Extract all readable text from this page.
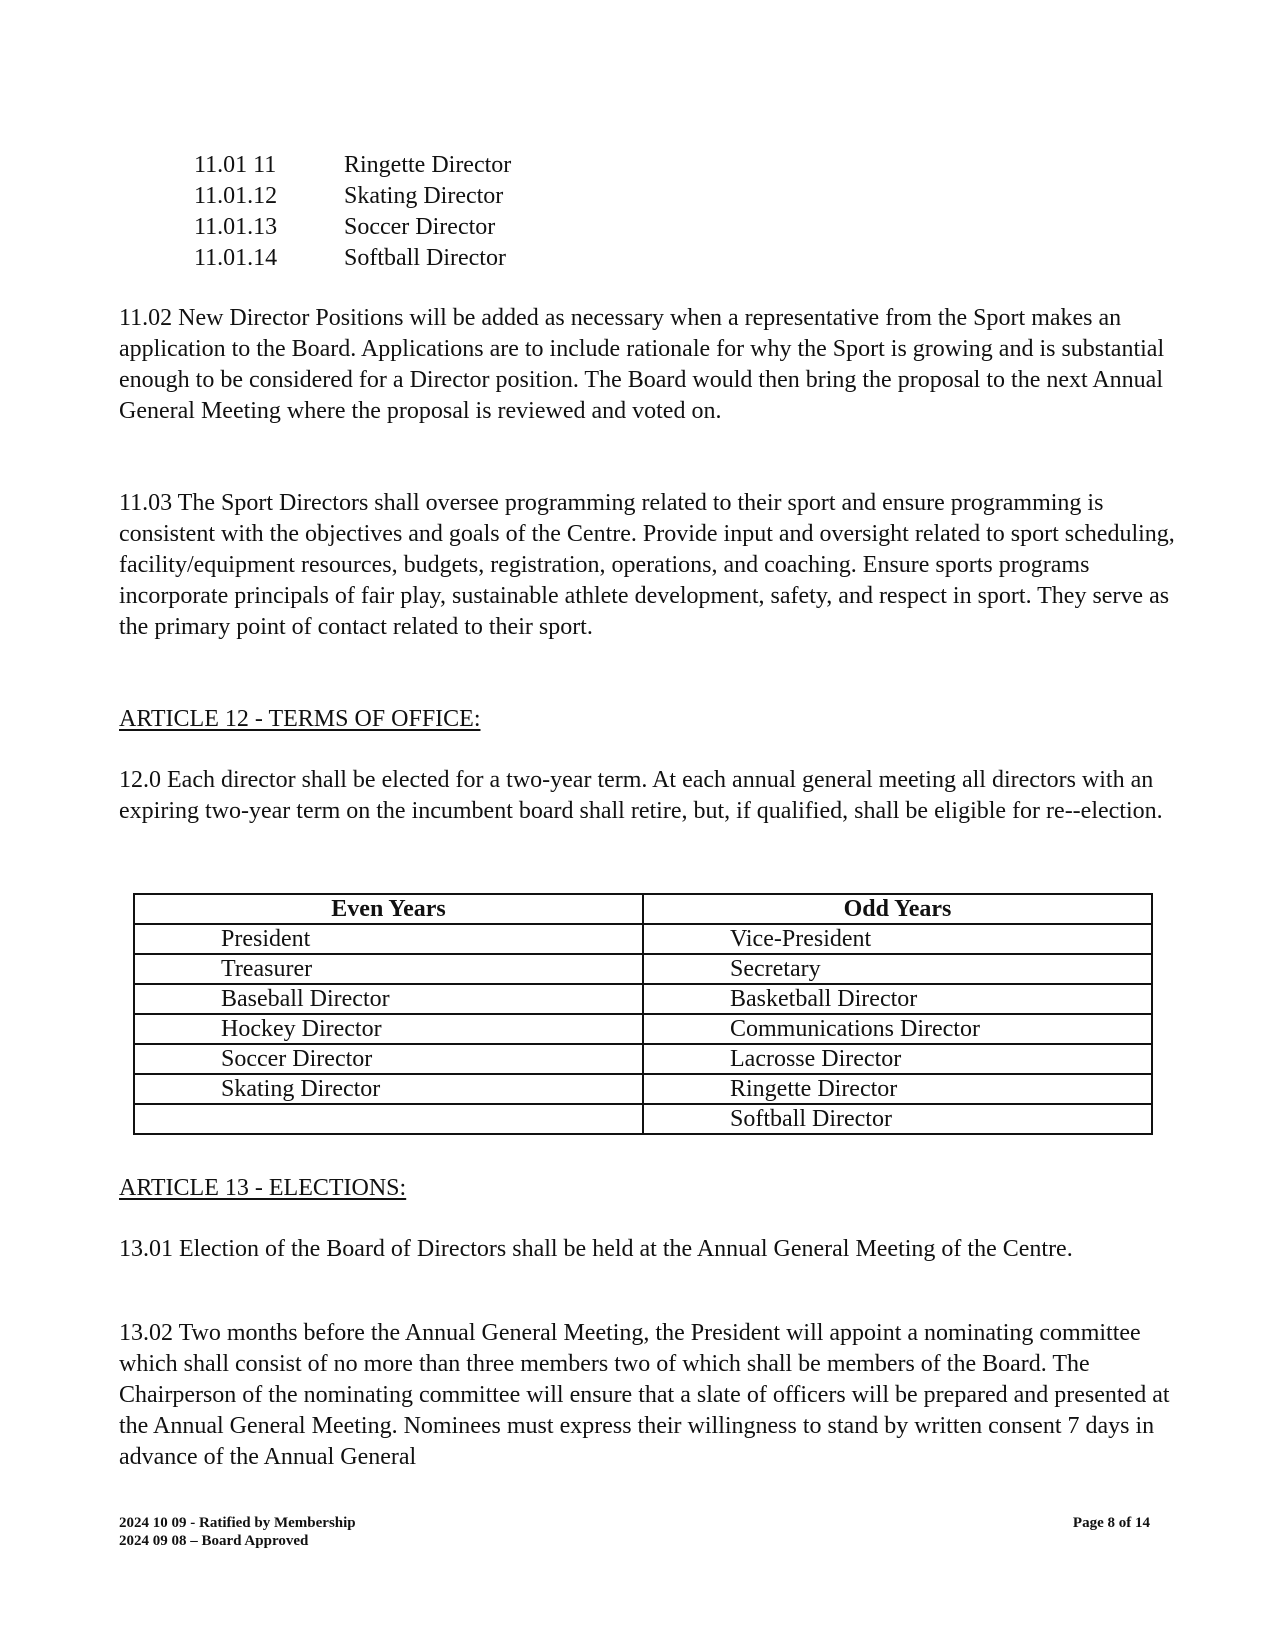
11.01 11	Ringette Director
11.01.12	Skating Director
11.01.13	Soccer Director
11.01.14	Softball Director

11.02 New Director Positions will be added as necessary when a representative from the Sport makes an application to the Board. Applications are to include rationale for why the Sport is growing and is substantial enough to be considered for a Director position. The Board would then bring the proposal to the next Annual General Meeting where the proposal is reviewed and voted on.

11.03 The Sport Directors shall oversee programming related to their sport and ensure programming is consistent with the objectives and goals of the Centre. Provide input and oversight related to sport scheduling, facility/equipment resources, budgets, registration, operations, and coaching. Ensure sports programs incorporate principals of fair play, sustainable athlete development, safety, and respect in sport. They serve as the primary point of contact related to their sport.

ARTICLE 12 - TERMS OF OFFICE:

12.0 Each director shall be elected for a two-year term. At each annual general meeting all directors with an expiring two-year term on the incumbent board shall retire, but, if qualified, shall be eligible for re--election.

Even Years	Odd Years
President	Vice-President
Treasurer	Secretary
Baseball Director	Basketball Director
Hockey Director	Communications Director
Soccer Director	Lacrosse Director
Skating Director	Ringette Director
	Softball Director

ARTICLE 13 - ELECTIONS:

13.01 Election of the Board of Directors shall be held at the Annual General Meeting of the Centre.

13.02 Two months before the Annual General Meeting, the President will appoint a nominating committee which shall consist of no more than three members two of which shall be members of the Board. The Chairperson of the nominating committee will ensure that a slate of officers will be prepared and presented at the Annual General Meeting. Nominees must express their willingness to stand by written consent 7 days in advance of the Annual General

2024 10 09 - Ratified by Membership
2024 09 08 – Board Approved
Page 8 of 14
